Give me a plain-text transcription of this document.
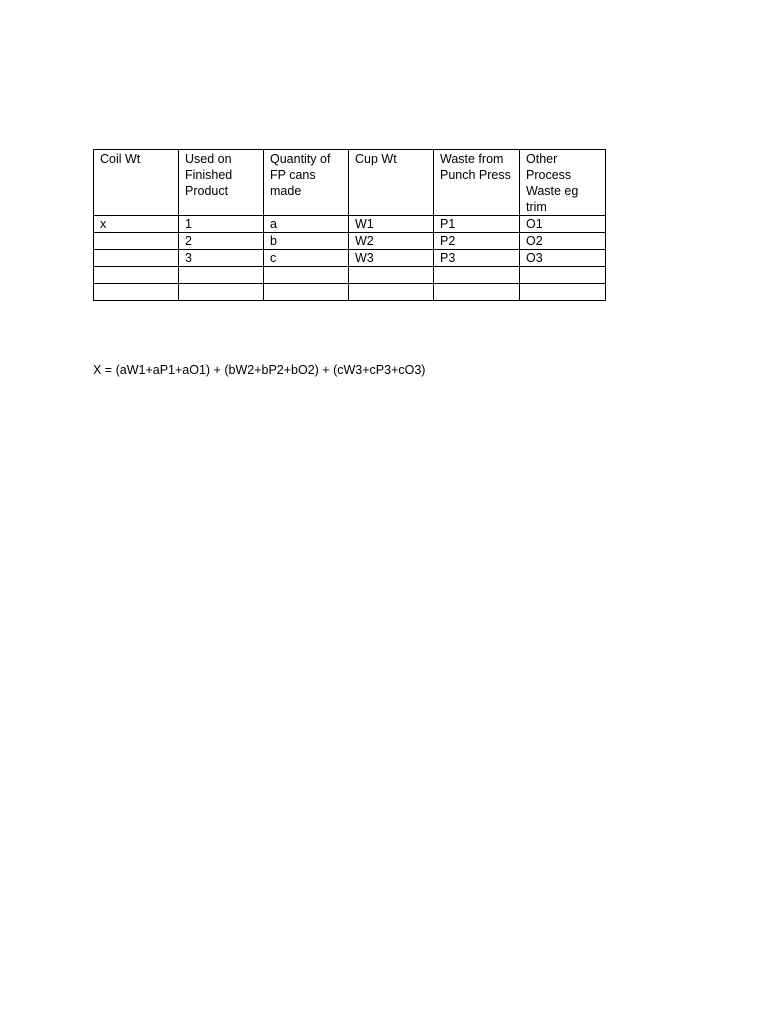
Coil Wt	Used on Finished Product	Quantity of FP cans made	Cup Wt	Waste from Punch Press	Other Process Waste eg trim
x	1	a	W1	P1	O1
	2	b	W2	P2	O2
	3	c	W3	P3	O3

X = (aW1+aP1+aO1) + (bW2+bP2+bO2) + (cW3+cP3+cO3)
